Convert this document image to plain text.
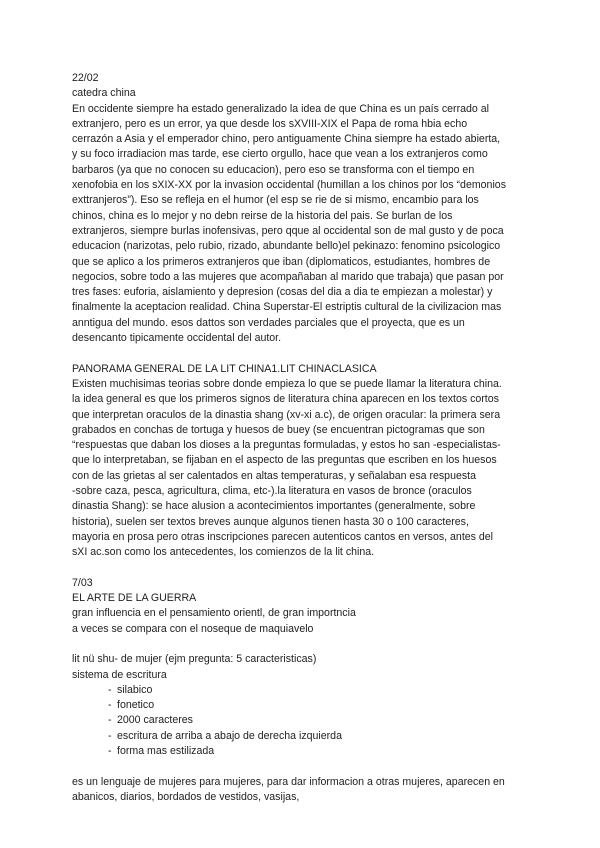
22/02
catedra china
En occidente siempre ha estado generalizado la idea de que China es un país cerrado al
extranjero, pero es un error, ya que desde los sXVIII-XIX el Papa de roma hbia echo
cerrazón a Asia y el emperador chino, pero antiguamente China siempre ha estado abierta,
y su foco irradiacion mas tarde, ese cierto orgullo, hace que vean a los extranjeros como
barbaros (ya que no conocen su educacion), pero eso se transforma con el tiempo en
xenofobia en los sXIX-XX por la invasion occidental (humillan a los chinos por los “demonios
exttranjeros”). Eso se refleja en el humor (el esp se rie de si mismo, encambio para los
chinos, china es lo mejor y no debn reirse de la historia del pais. Se burlan de los
extranjeros, siempre burlas inofensivas, pero qque al occidental son de mal gusto y de poca
educacion (narizotas, pelo rubio, rizado, abundante bello)el pekinazo: fenomino psicologico
que se aplico a los primeros extranjeros que iban (diplomaticos, estudiantes, hombres de
negocios, sobre todo a las mujeres que acompañaban al marido que trabaja) que pasan por
tres fases: euforia, aislamiento y depresion (cosas del dia a dia te empiezan a molestar) y
finalmente la aceptacion realidad. China Superstar-El estriptis cultural de la civilizacion mas
anntigua del mundo. esos dattos son verdades parciales que el proyecta, que es un
desencanto tipicamente occidental del autor.
PANORAMA GENERAL DE LA LIT CHINA1.LIT CHINACLASICA
Existen muchisimas teorias sobre donde empieza lo que se puede llamar la literatura china.
la idea general es que los primeros signos de literatura china aparecen en los textos cortos
que interpretan oraculos de la dinastia shang (xv-xi a.c), de origen oracular: la primera sera
grabados en conchas de tortuga y huesos de buey (se encuentran pictogramas que son
“respuestas que daban los dioses a la preguntas formuladas, y estos ho san -especialistas-
que lo interpretaban, se fijaban en el aspecto de las preguntas que escriben en los huesos
con de las grietas al ser calentados en altas temperaturas, y señalaban esa respuesta
-sobre caza, pesca, agricultura, clima, etc-).la literatura en vasos de bronce (oraculos
dinastia Shang): se hace alusion a acontecimientos importantes (generalmente, sobre
historia), suelen ser textos breves aunque algunos tienen hasta 30 o 100 caracteres,
mayoria en prosa pero otras inscripciones parecen autenticos cantos en versos, antes del
sXI ac.son como los antecedentes, los comienzos de la lit china.
7/03
EL ARTE DE LA GUERRA
gran influencia en el pensamiento orientl, de gran importncia
a veces se compara con el noseque de maquiavelo
lit nü shu- de mujer (ejm pregunta: 5 caracteristicas)
sistema de escritura
- silabico
- fonetico
- 2000 caracteres
- escritura de arriba a abajo de derecha izquierda
- forma mas estilizada
es un lenguaje de mujeres para mujeres, para dar informacion a otras mujeres, aparecen en
abanicos, diarios, bordados de vestidos, vasijas,
